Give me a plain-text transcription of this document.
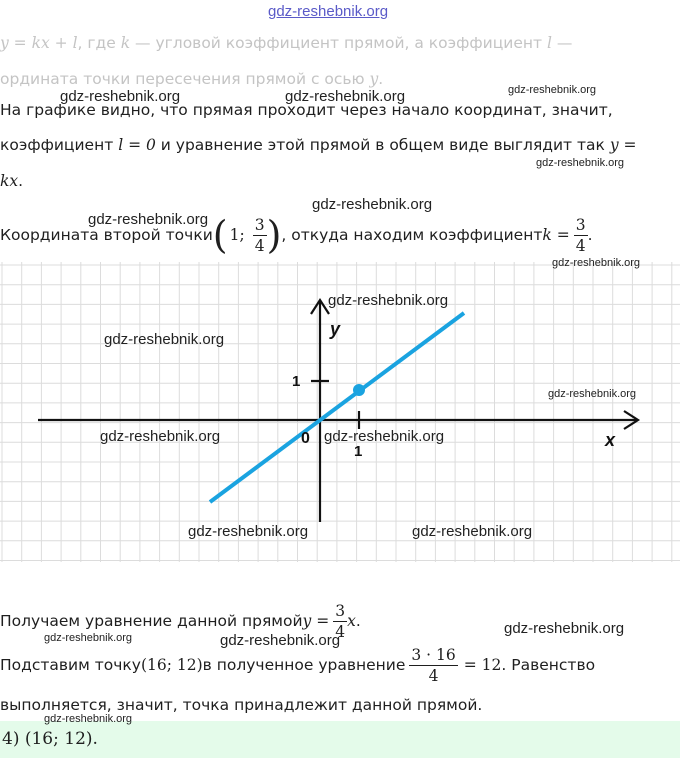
gdz-reshebnik.org
y = kx + l, где k — угловой коэффициент прямой, а коэффициент l —
ордината точки пересечения прямой с осью y.
На графике видно, что прямая проходит через начало координат, значит,
коэффициент l = 0 и уравнение этой прямой в общем виде выглядит так y =
kx.
Координата второй точки ( 1; $\frac{3}{4}$ ) , откуда находим коэффициент $k = \frac{3}{4}$ .
y
x
0
1
1
Получаем уравнение данной прямой $y = \frac{3}{4}$ x .
Подставим точку (16; 12) в полученное уравнение $\frac{3 \cdot 16}{4} = 12$ . Равенство
выполняется, значит, точка принадлежит данной прямой.
4) (16; 12).
gdz-reshebnik.org	gdz-reshebnik.org	gdz-reshebnik.org
gdz-reshebnik.org
gdz-reshebnik.org
gdz-reshebnik.org
gdz-reshebnik.org
gdz-reshebnik.org
gdz-reshebnik.org
gdz-reshebnik.org
gdz-reshebnik.org	gdz-reshebnik.org
gdz-reshebnik.org	gdz-reshebnik.org
gdz-reshebnik.org
gdz-reshebnik.org	gdz-reshebnik.org
gdz-reshebnik.org
